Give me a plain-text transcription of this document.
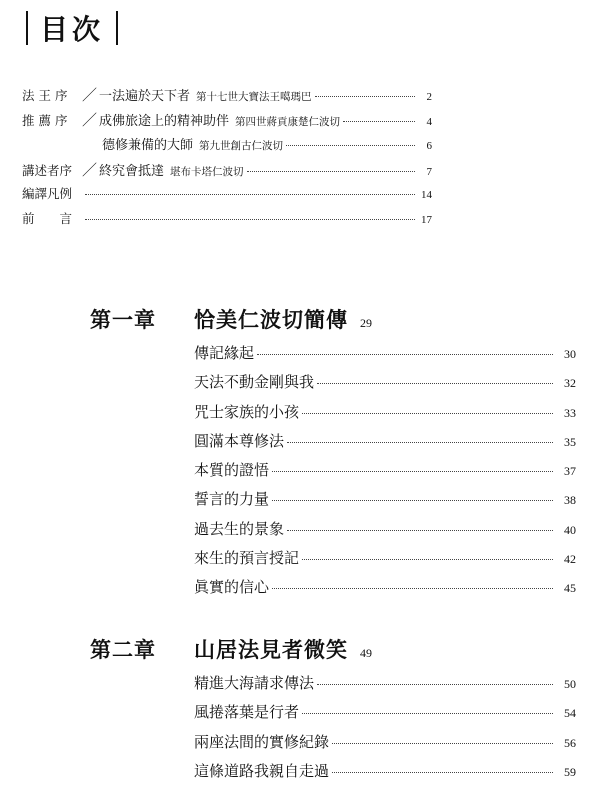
目次
法 王 序 ／ 一法遍於天下者 第十七世大寶法王噶瑪巴	2
推 薦 序 ／ 成佛旅途上的精神助伴 第四世蔣貢康楚仁波切	4
德修兼備的大師 第九世創古仁波切	6
講述者序 ／ 終究會抵達 堪布卡塔仁波切	7
編譯凡例	14
前　　言	17
第一章	恰美仁波切簡傳 29
傳記緣起	30
天法不動金剛與我	32
咒士家族的小孩	33
圓滿本尊修法	35
本質的證悟	37
誓言的力量	38
過去生的景象	40
來生的預言授記	42
眞實的信心	45
第二章	山居法見者微笑 49
精進大海請求傳法	50
風捲落葉是行者	54
兩座法間的實修紀錄	56
這條道路我親自走過	59
